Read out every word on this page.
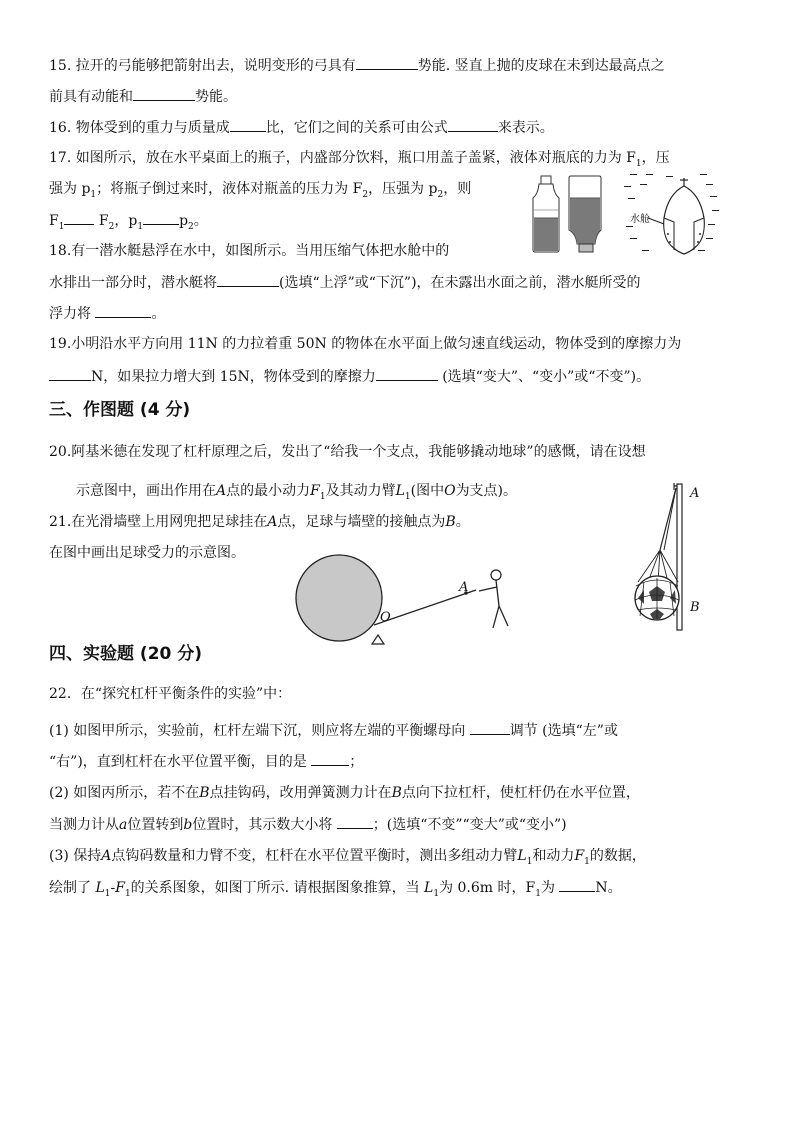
15. 拉开的弓能够把箭射出去，说明变形的弓具有	势能. 竖直上抛的皮球在未到达最高点之
前具有动能和	势能。
16. 物体受到的重力与质量成	比，它们之间的关系可由公式	来表示。
17. 如图所示，放在水平桌面上的瓶子，内盛部分饮料，瓶口用盖子盖紧，液体对瓶底的力为 $F_1$，压
强为 $p_1$；将瓶子倒过来时，液体对瓶盖的压力为 $F_2$，压强为 $p_2$，则
$F_1$ $F_2$，$p_1$	$p_2$。	水舱
18.有一潜水艇悬浮在水中，如图所示。当用压缩气体把水舱中的
水排出一部分时，潜水艇将	(选填“上浮”或“下沉”)，在未露出水面之前，潜水艇所受的
浮力将	。
19.小明沿水平方向用 11N 的力拉着重 50N 的物体在水平面上做匀速直线运动，物体受到的摩擦力为
N，如果拉力增大到 15N，物体受到的摩擦力	(选填“变大”、“变小”或“不变”)。
三、作图题 (4 分)
20.阿基米德在发现了杠杆原理之后，发出了“给我一个支点，我能够撬动地球”的感慨，请在设想
示意图中，画出作用在A点的最小动力$F_1$及其动力臂$L_1$(图中O为支点)。
21.在光滑墙壁上用网兜把足球挂在A点，足球与墙壁的接触点为B。
在图中画出足球受力的示意图。
A
O
A
B
四、实验题 (20 分)
22．在“探究杠杆平衡条件的实验”中：
(1) 如图甲所示，实验前，杠杆左端下沉，则应将左端的平衡螺母向	调节 (选填“左”或
“右”)，直到杠杆在水平位置平衡，目的是	；
(2) 如图丙所示，若不在B点挂钩码，改用弹簧测力计在B点向下拉杠杆，使杠杆仍在水平位置，
当测力计从a位置转到b位置时，其示数大小将	；(选填“不变”“变大”或“变小”)
(3) 保持A点钩码数量和力臂不变，杠杆在水平位置平衡时，测出多组动力臂$L_1$和动力$F_1$的数据，
绘制了 $L_1-F_1$的关系图象，如图丁所示. 请根据图象推算，当 $L_1$为 0.6m 时，$F_1$为	N。
